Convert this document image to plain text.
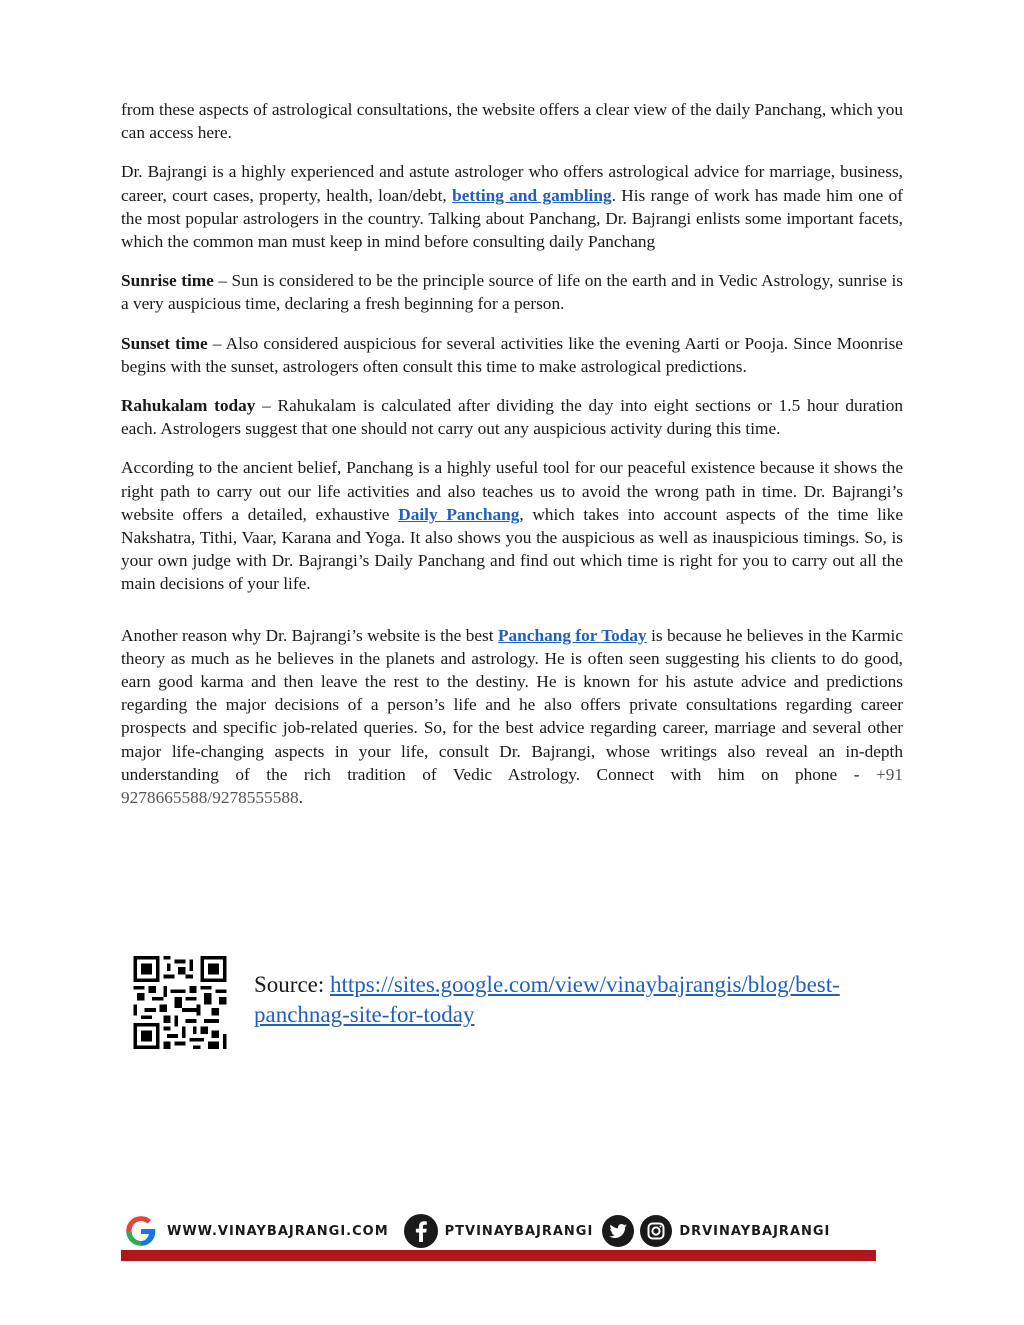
from these aspects of astrological consultations, the website offers a clear view of the daily Panchang, which you can access here.

Dr. Bajrangi is a highly experienced and astute astrologer who offers astrological advice for marriage, business, career, court cases, property, health, loan/debt, betting and gambling. His range of work has made him one of the most popular astrologers in the country. Talking about Panchang, Dr. Bajrangi enlists some important facets, which the common man must keep in mind before consulting daily Panchang

Sunrise time – Sun is considered to be the principle source of life on the earth and in Vedic Astrology, sunrise is a very auspicious time, declaring a fresh beginning for a person.

Sunset time – Also considered auspicious for several activities like the evening Aarti or Pooja. Since Moonrise begins with the sunset, astrologers often consult this time to make astrological predictions.

Rahukalam today – Rahukalam is calculated after dividing the day into eight sections or 1.5 hour duration each. Astrologers suggest that one should not carry out any auspicious activity during this time.

According to the ancient belief, Panchang is a highly useful tool for our peaceful existence because it shows the right path to carry out our life activities and also teaches us to avoid the wrong path in time. Dr. Bajrangi’s website offers a detailed, exhaustive Daily Panchang, which takes into account aspects of the time like Nakshatra, Tithi, Vaar, Karana and Yoga. It also shows you the auspicious as well as inauspicious timings. So, is your own judge with Dr. Bajrangi’s Daily Panchang and find out which time is right for you to carry out all the main decisions of your life.

Another reason why Dr. Bajrangi’s website is the best Panchang for Today is because he believes in the Karmic theory as much as he believes in the planets and astrology. He is often seen suggesting his clients to do good, earn good karma and then leave the rest to the destiny. He is known for his astute advice and predictions regarding the major decisions of a person’s life and he also offers private consultations regarding career prospects and specific job-related queries. So, for the best advice regarding career, marriage and several other major life-changing aspects in your life, consult Dr. Bajrangi, whose writings also reveal an in-depth understanding of the rich tradition of Vedic Astrology. Connect with him on phone - +91 9278665588/9278555588.

Source: https://sites.google.com/view/vinaybajrangis/blog/best-panchnag-site-for-today
WWW.VINAYBAJRANGI.COM	PTVINAYBAJRANGI	DRVINAYBAJRANGI
